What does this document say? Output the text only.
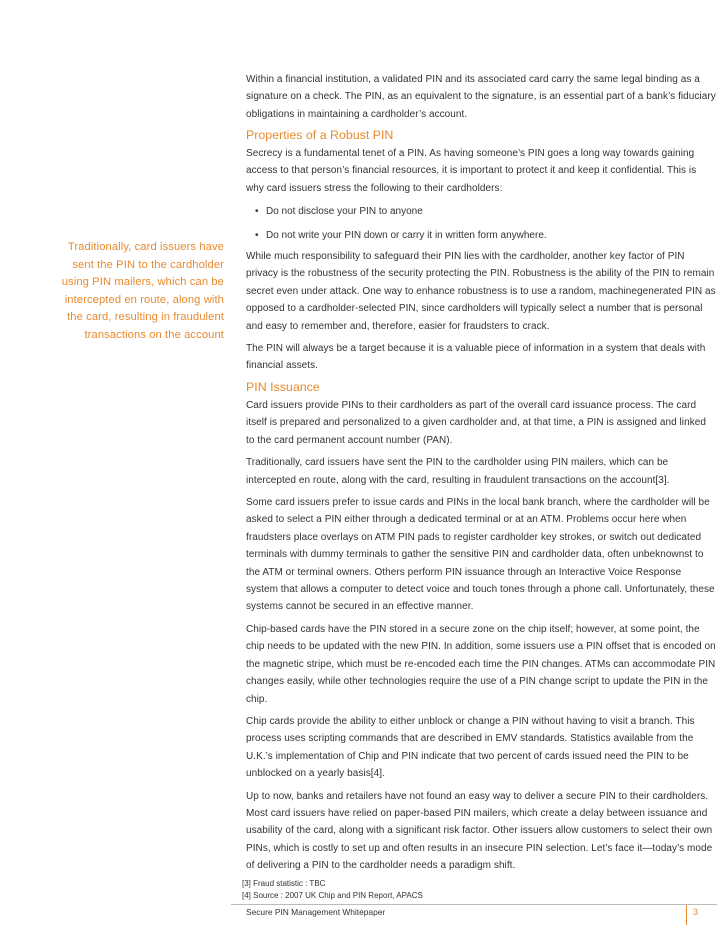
Within a financial institution, a validated PIN and its associated card carry the same legal binding as a signature on a check. The PIN, as an equivalent to the signature, is an essential part of a bank’s fiduciary obligations in maintaining a cardholder’s account.

Properties of a Robust PIN

Secrecy is a fundamental tenet of a PIN. As having someone’s PIN goes a long way towards gaining access to that person’s financial resources, it is important to protect it and keep it confidential. This is why card issuers stress the following to their cardholders:

• Do not disclose your PIN to anyone
• Do not write your PIN down or carry it in written form anywhere.

While much responsibility to safeguard their PIN lies with the cardholder, another key factor of PIN privacy is the robustness of the security protecting the PIN. Robustness is the ability of the PIN to remain secret even under attack. One way to enhance robustness is to use a random, machinegenerated PIN as opposed to a cardholder-selected PIN, since cardholders will typically select a number that is personal and easy to remember and, therefore, easier for fraudsters to crack.

The PIN will always be a target because it is a valuable piece of information in a system that deals with financial assets.

Traditionally, card issuers have sent the PIN to the cardholder using PIN mailers, which can be intercepted en route, along with the card, resulting in fraudulent transactions on the account
PIN Issuance

Card issuers provide PINs to their cardholders as part of the overall card issuance process. The card itself is prepared and personalized to a given cardholder and, at that time, a PIN is assigned and linked to the card permanent account number (PAN).

Traditionally, card issuers have sent the PIN to the cardholder using PIN mailers, which can be intercepted en route, along with the card, resulting in fraudulent transactions on the account[3].

Some card issuers prefer to issue cards and PINs in the local bank branch, where the cardholder will be asked to select a PIN either through a dedicated terminal or at an ATM. Problems occur here when fraudsters place overlays on ATM PIN pads to register cardholder key strokes, or switch out dedicated terminals with dummy terminals to gather the sensitive PIN and cardholder data, often unbeknownst to the ATM or terminal owners. Others perform PIN issuance through an Interactive Voice Response system that allows a computer to detect voice and touch tones through a phone call. Unfortunately, these systems cannot be secured in an effective manner.

Chip-based cards have the PIN stored in a secure zone on the chip itself; however, at some point, the chip needs to be updated with the new PIN. In addition, some issuers use a PIN offset that is encoded on the magnetic stripe, which must be re-encoded each time the PIN changes. ATMs can accommodate PIN changes easily, while other technologies require the use of a PIN change script to update the PIN in the chip.

Chip cards provide the ability to either unblock or change a PIN without having to visit a branch. This process uses scripting commands that are described in EMV standards. Statistics available from the U.K.’s implementation of Chip and PIN indicate that two percent of cards issued need the PIN to be unblocked on a yearly basis[4].

Up to now, banks and retailers have not found an easy way to deliver a secure PIN to their cardholders. Most card issuers have relied on paper-based PIN mailers, which create a delay between issuance and usability of the card, along with a significant risk factor. Other issuers allow customers to select their own PINs, which is costly to set up and often results in an insecure PIN selection. Let’s face it—today’s mode of delivering a PIN to the cardholder needs a paradigm shift.

[3] Fraud statistic : TBC
[4] Source : 2007 UK Chip and PIN Report, APACS
Secure PIN Management Whitepaper	3
